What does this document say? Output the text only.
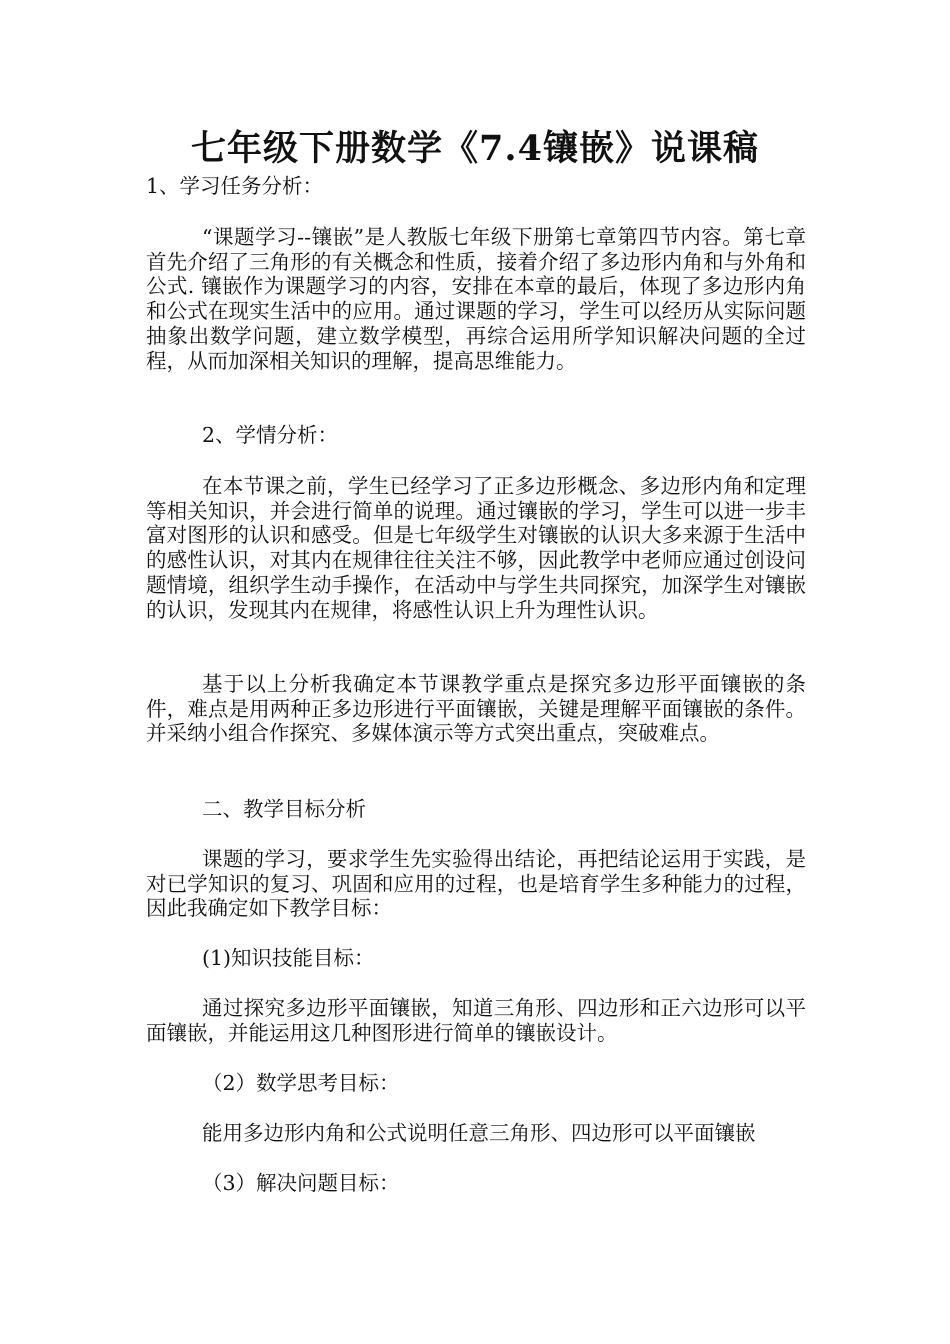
七年级下册数学《7.4镶嵌》说课稿

1、学习任务分析：

“课题学习--镶嵌”是人教版七年级下册第七章第四节内容。第七章首先介绍了三角形的有关概念和性质，接着介绍了多边形内角和与外角和公式. 镶嵌作为课题学习的内容，安排在本章的最后，体现了多边形内角和公式在现实生活中的应用。通过课题的学习，学生可以经历从实际问题抽象出数学问题，建立数学模型，再综合运用所学知识解决问题的全过程，从而加深相关知识的理解，提高思维能力。

2、学情分析：

在本节课之前，学生已经学习了正多边形概念、多边形内角和定理等相关知识，并会进行简单的说理。通过镶嵌的学习，学生可以进一步丰富对图形的认识和感受。但是七年级学生对镶嵌的认识大多来源于生活中的感性认识，对其内在规律往往关注不够，因此教学中老师应通过创设问题情境，组织学生动手操作，在活动中与学生共同探究，加深学生对镶嵌的认识，发现其内在规律，将感性认识上升为理性认识。

基于以上分析我确定本节课教学重点是探究多边形平面镶嵌的条件，难点是用两种正多边形进行平面镶嵌，关键是理解平面镶嵌的条件。并采纳小组合作探究、多媒体演示等方式突出重点，突破难点。

二、教学目标分析

课题的学习，要求学生先实验得出结论，再把结论运用于实践，是对已学知识的复习、巩固和应用的过程，也是培育学生多种能力的过程，因此我确定如下教学目标：

(1)知识技能目标：

通过探究多边形平面镶嵌，知道三角形、四边形和正六边形可以平面镶嵌，并能运用这几种图形进行简单的镶嵌设计。

（2）数学思考目标：

能用多边形内角和公式说明任意三角形、四边形可以平面镶嵌

（3）解决问题目标：
